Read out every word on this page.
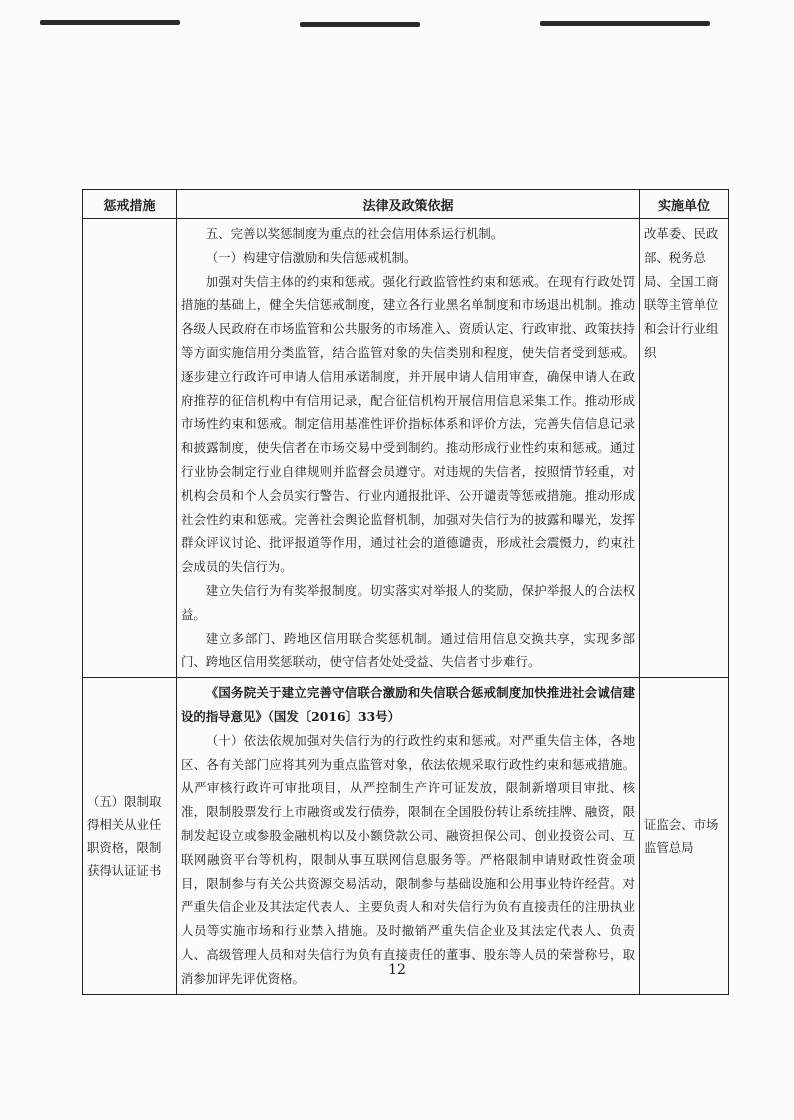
惩戒措施	法律及政策依据	实施单位

	五、完善以奖惩制度为重点的社会信用体系运行机制。

（一）构建守信激励和失信惩戒机制。

加强对失信主体的约束和惩戒。强化行政监管性约束和惩戒。在现有行政处罚措施的基础上，健全失信惩戒制度，建立各行业黑名单制度和市场退出机制。推动各级人民政府在市场监管和公共服务的市场准入、资质认定、行政审批、政策扶持等方面实施信用分类监管，结合监管对象的失信类别和程度，使失信者受到惩戒。逐步建立行政许可申请人信用承诺制度，并开展申请人信用审查，确保申请人在政府推荐的征信机构中有信用记录，配合征信机构开展信用信息采集工作。推动形成市场性约束和惩戒。制定信用基准性评价指标体系和评价方法，完善失信信息记录和披露制度，使失信者在市场交易中受到制约。推动形成行业性约束和惩戒。通过行业协会制定行业自律规则并监督会员遵守。对违规的失信者，按照情节轻重，对机构会员和个人会员实行警告、行业内通报批评、公开谴责等惩戒措施。推动形成社会性约束和惩戒。完善社会舆论监督机制，加强对失信行为的披露和曝光，发挥群众评议讨论、批评报道等作用，通过社会的道德谴责，形成社会震慑力，约束社会成员的失信行为。

建立失信行为有奖举报制度。切实落实对举报人的奖励，保护举报人的合法权益。

建立多部门、跨地区信用联合奖惩机制。通过信用信息交换共享，实现多部门、跨地区信用奖惩联动，使守信者处处受益、失信者寸步难行。	改革委、民政部、税务总局、全国工商联等主管单位和会计行业组织
（五）限制取得相关从业任职资格，限制获得认证证书	《国务院关于建立完善守信联合激励和失信联合惩戒制度加快推进社会诚信建设的指导意见》（国发〔2016〕33号）

（十）依法依规加强对失信行为的行政性约束和惩戒。对严重失信主体，各地区、各有关部门应将其列为重点监管对象，依法依规采取行政性约束和惩戒措施。从严审核行政许可审批项目，从严控制生产许可证发放，限制新增项目审批、核准，限制股票发行上市融资或发行债券，限制在全国股份转让系统挂牌、融资，限制发起设立或参股金融机构以及小额贷款公司、融资担保公司、创业投资公司、互联网融资平台等机构，限制从事互联网信息服务等。严格限制申请财政性资金项目，限制参与有关公共资源交易活动，限制参与基础设施和公用事业特许经营。对严重失信企业及其法定代表人、主要负责人和对失信行为负有直接责任的注册执业人员等实施市场和行业禁入措施。及时撤销严重失信企业及其法定代表人、负责人、高级管理人员和对失信行为负有直接责任的董事、股东等人员的荣誉称号，取消参加评先评优资格。	证监会、市场监管总局
12
